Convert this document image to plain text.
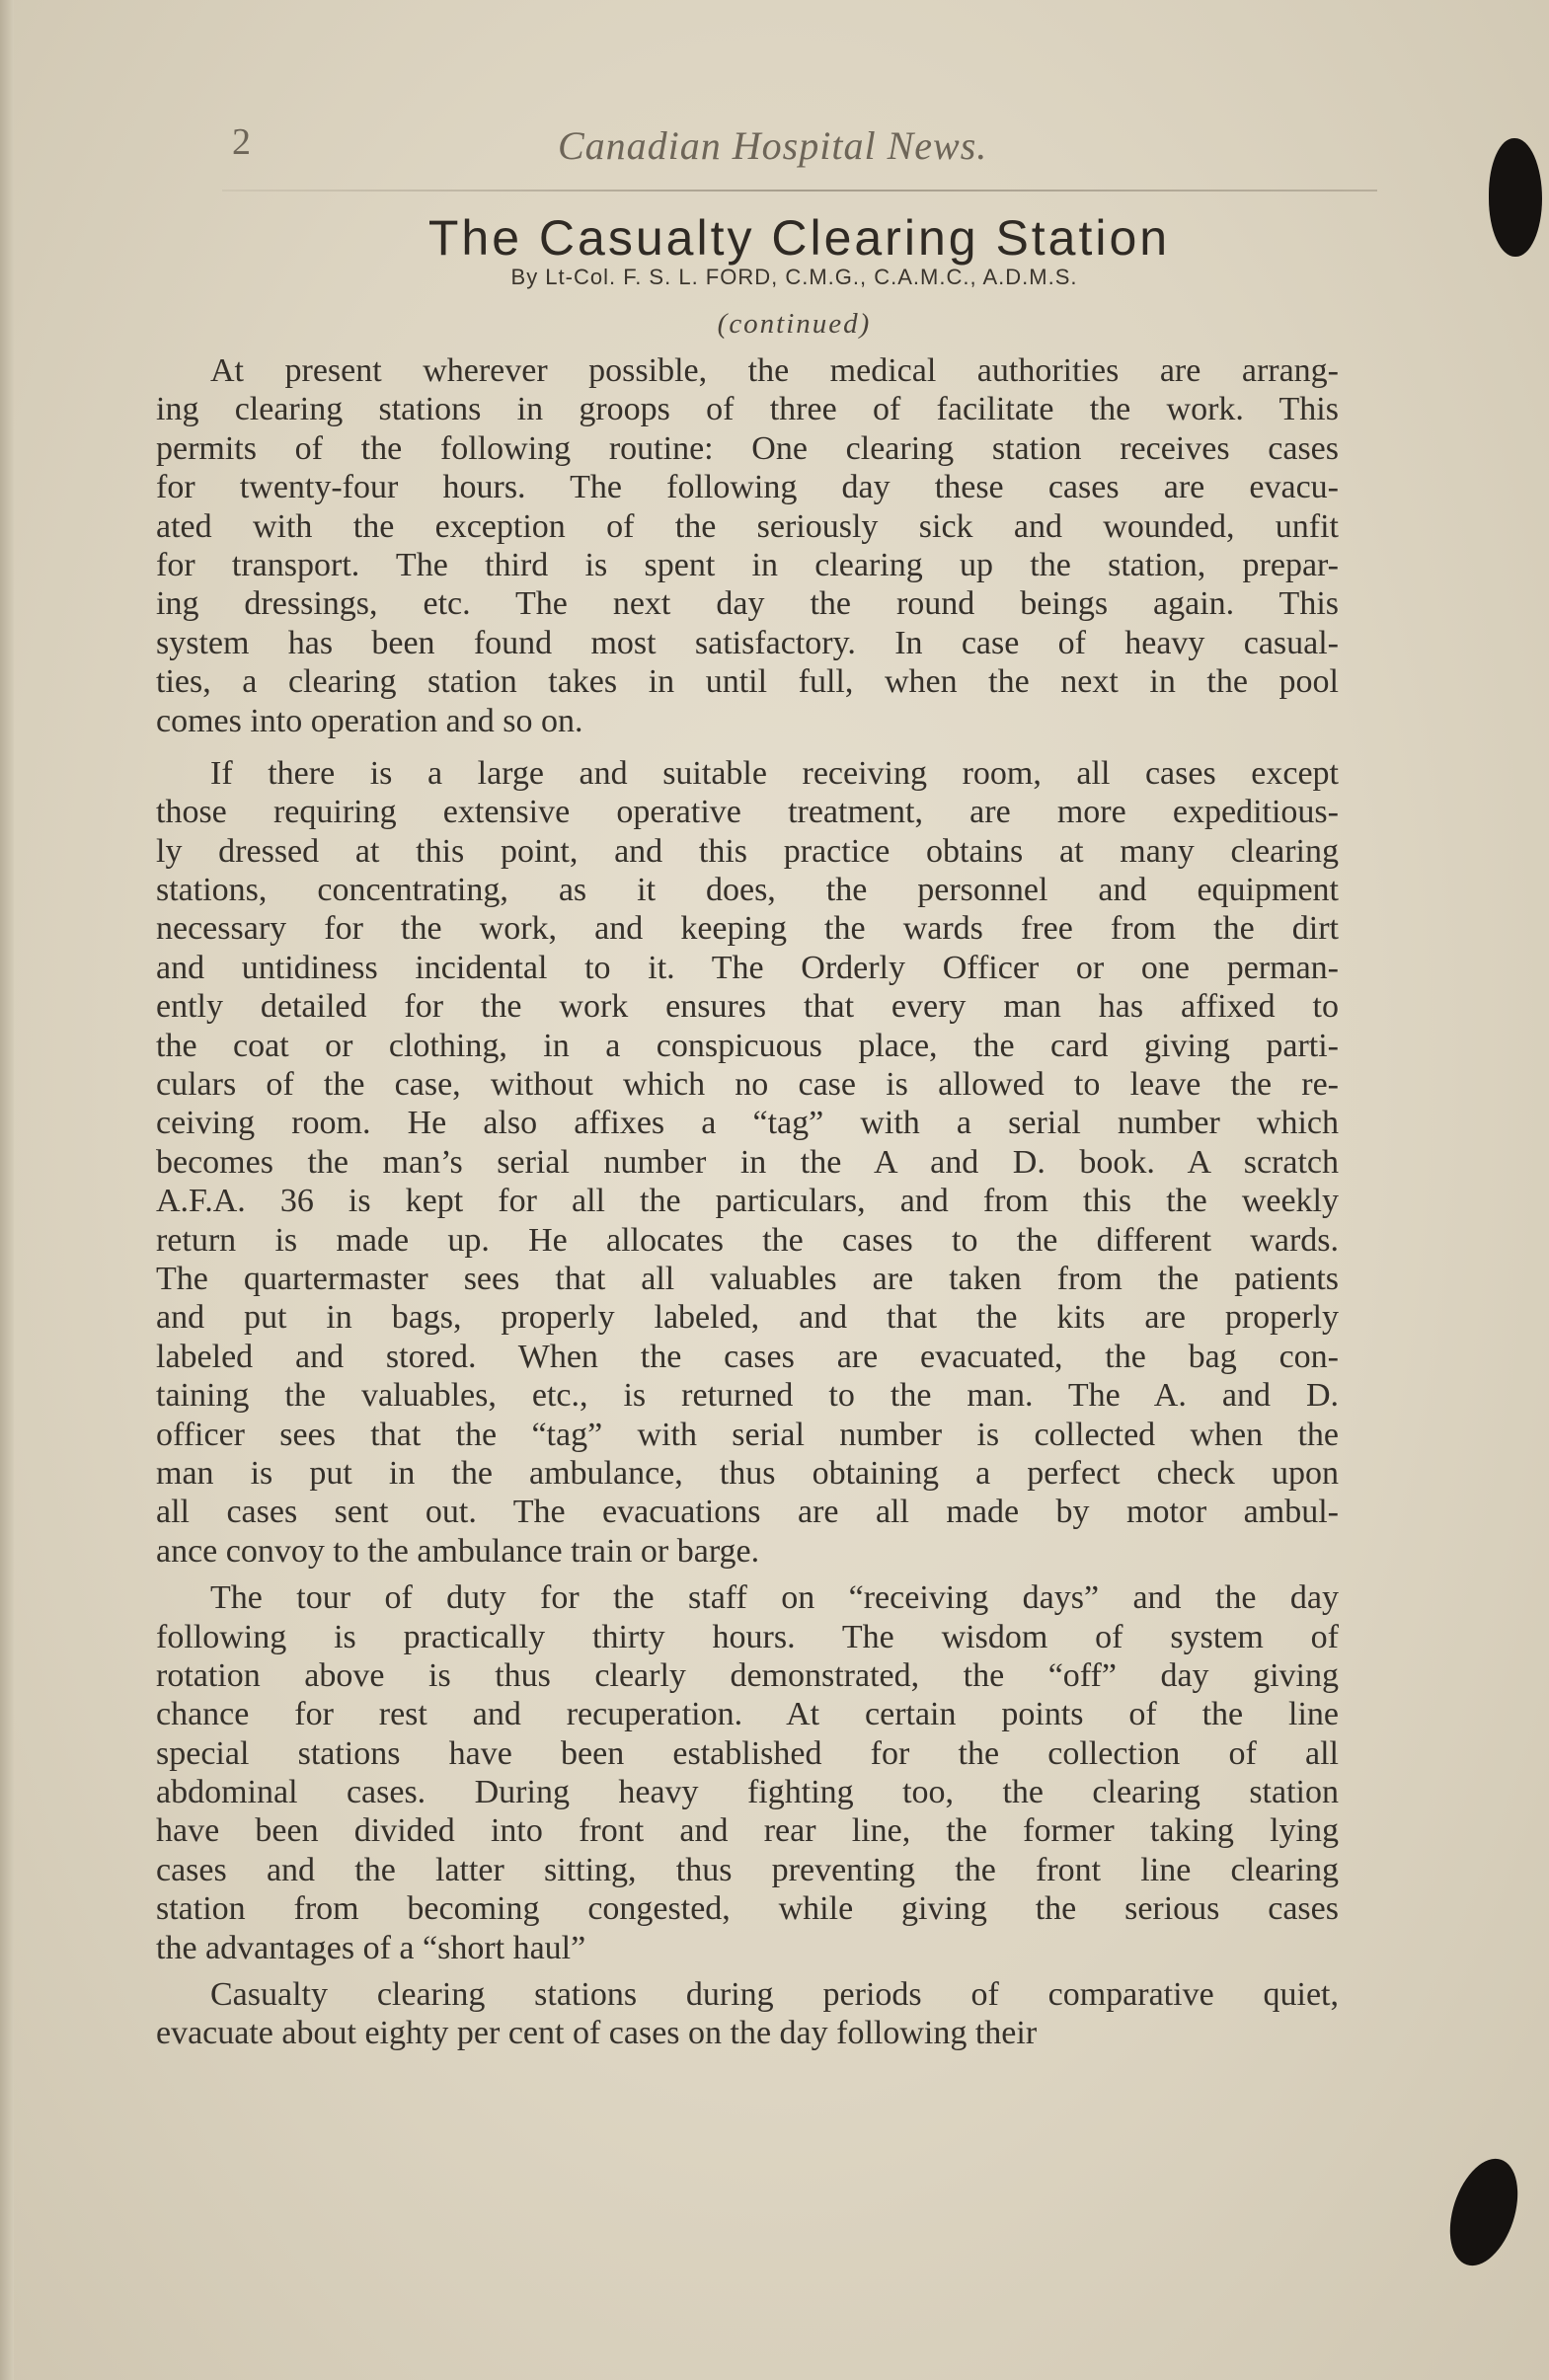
2	Canadian Hospital News.
The Casualty Clearing Station
By Lt-Col. F. S. L. FORD, C.M.G., C.A.M.C., A.D.M.S.
(continued)
At present wherever possible, the medical authorities are arrang-
ing clearing stations in groops of three of facilitate the work. This
permits of the following routine: One clearing station receives cases
for twenty-four hours. The following day these cases are evacu-
ated with the exception of the seriously sick and wounded, unfit
for transport. The third is spent in clearing up the station, prepar-
ing dressings, etc. The next day the round beings again. This
system has been found most satisfactory. In case of heavy casual-
ties, a clearing station takes in until full, when the next in the pool
comes into operation and so on.
If there is a large and suitable receiving room, all cases except
those requiring extensive operative treatment, are more expeditious-
ly dressed at this point, and this practice obtains at many clearing
stations, concentrating, as it does, the personnel and equipment
necessary for the work, and keeping the wards free from the dirt
and untidiness incidental to it. The Orderly Officer or one perman-
ently detailed for the work ensures that every man has affixed to
the coat or clothing, in a conspicuous place, the card giving parti-
culars of the case, without which no case is allowed to leave the re-
ceiving room. He also affixes a “tag” with a serial number which
becomes the man’s serial number in the A and D. book. A scratch
A.F.A. 36 is kept for all the particulars, and from this the weekly
return is made up. He allocates the cases to the different wards.
The quartermaster sees that all valuables are taken from the patients
and put in bags, properly labeled, and that the kits are properly
labeled and stored. When the cases are evacuated, the bag con-
taining the valuables, etc., is returned to the man. The A. and D.
officer sees that the “tag” with serial number is collected when the
man is put in the ambulance, thus obtaining a perfect check upon
all cases sent out. The evacuations are all made by motor ambul-
ance convoy to the ambulance train or barge.
The tour of duty for the staff on “receiving days” and the day
following is practically thirty hours. The wisdom of system of
rotation above is thus clearly demonstrated, the “off” day giving
chance for rest and recuperation. At certain points of the line
special stations have been established for the collection of all
abdominal cases. During heavy fighting too, the clearing station
have been divided into front and rear line, the former taking lying
cases and the latter sitting, thus preventing the front line clearing
station from becoming congested, while giving the serious cases
the advantages of a “short haul”
Casualty clearing stations during periods of comparative quiet,
evacuate about eighty per cent of cases on the day following their
